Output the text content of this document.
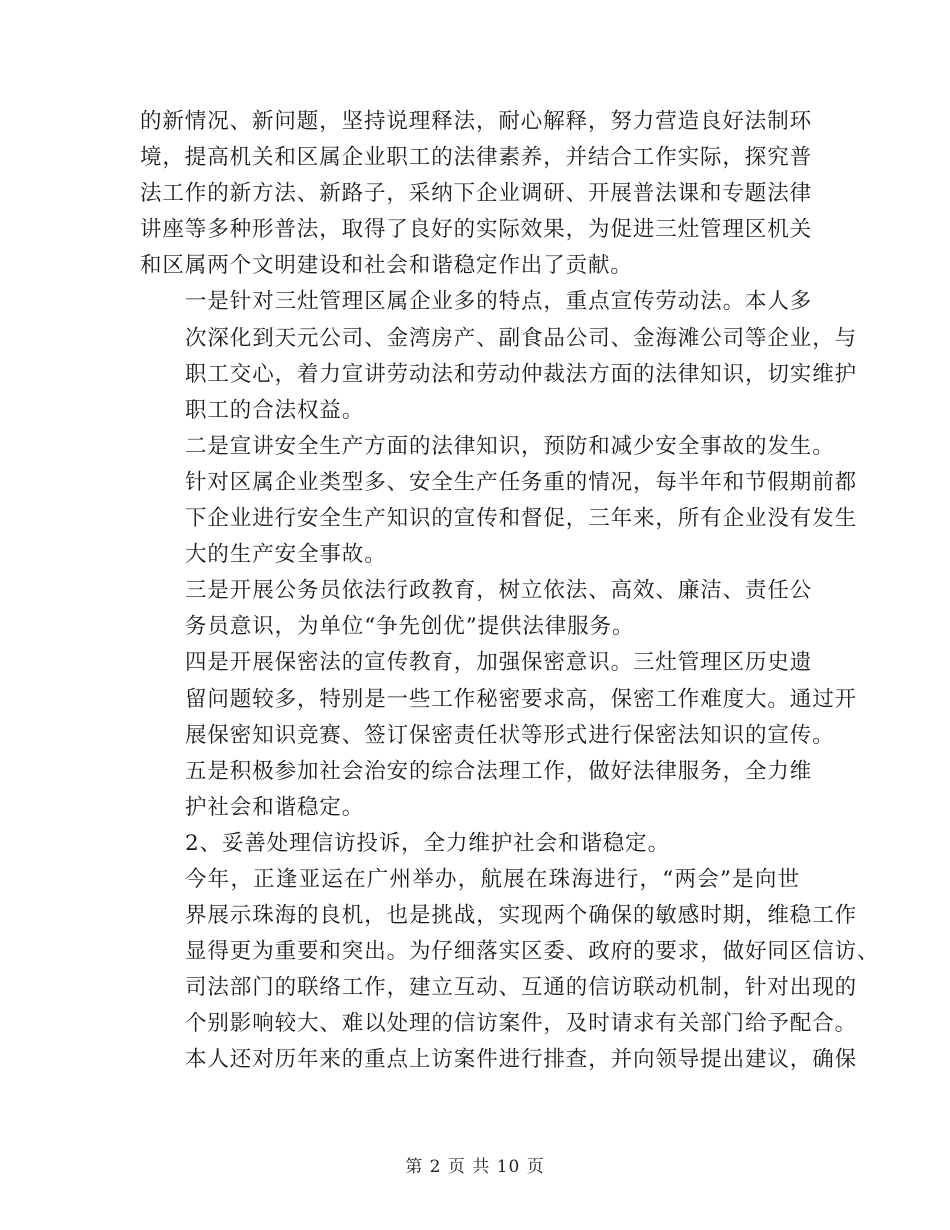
的新情况、新问题，坚持说理释法，耐心解释，努力营造良好法制环
境，提高机关和区属企业职工的法律素养，并结合工作实际，探究普
法工作的新方法、新路子，采纳下企业调研、开展普法课和专题法律
讲座等多种形普法，取得了良好的实际效果，为促进三灶管理区机关
和区属两个文明建设和社会和谐稳定作出了贡献。
一是针对三灶管理区属企业多的特点，重点宣传劳动法。本人多
次深化到天元公司、金湾房产、副食品公司、金海滩公司等企业，与
职工交心，着力宣讲劳动法和劳动仲裁法方面的法律知识，切实维护
职工的合法权益。
二是宣讲安全生产方面的法律知识，预防和减少安全事故的发生。
针对区属企业类型多、安全生产任务重的情况，每半年和节假期前都
下企业进行安全生产知识的宣传和督促，三年来，所有企业没有发生
大的生产安全事故。
三是开展公务员依法行政教育，树立依法、高效、廉洁、责任公
务员意识，为单位“争先创优”提供法律服务。
四是开展保密法的宣传教育，加强保密意识。三灶管理区历史遗
留问题较多，特别是一些工作秘密要求高，保密工作难度大。通过开
展保密知识竞赛、签订保密责任状等形式进行保密法知识的宣传。
五是积极参加社会治安的综合法理工作，做好法律服务，全力维
护社会和谐稳定。
2、妥善处理信访投诉，全力维护社会和谐稳定。
今年，正逢亚运在广州举办，航展在珠海进行，“两会”是向世
界展示珠海的良机，也是挑战，实现两个确保的敏感时期，维稳工作
显得更为重要和突出。为仔细落实区委、政府的要求，做好同区信访、
司法部门的联络工作，建立互动、互通的信访联动机制，针对出现的
个别影响较大、难以处理的信访案件，及时请求有关部门给予配合。
本人还对历年来的重点上访案件进行排查，并向领导提出建议，确保
第 2 页 共 10 页
